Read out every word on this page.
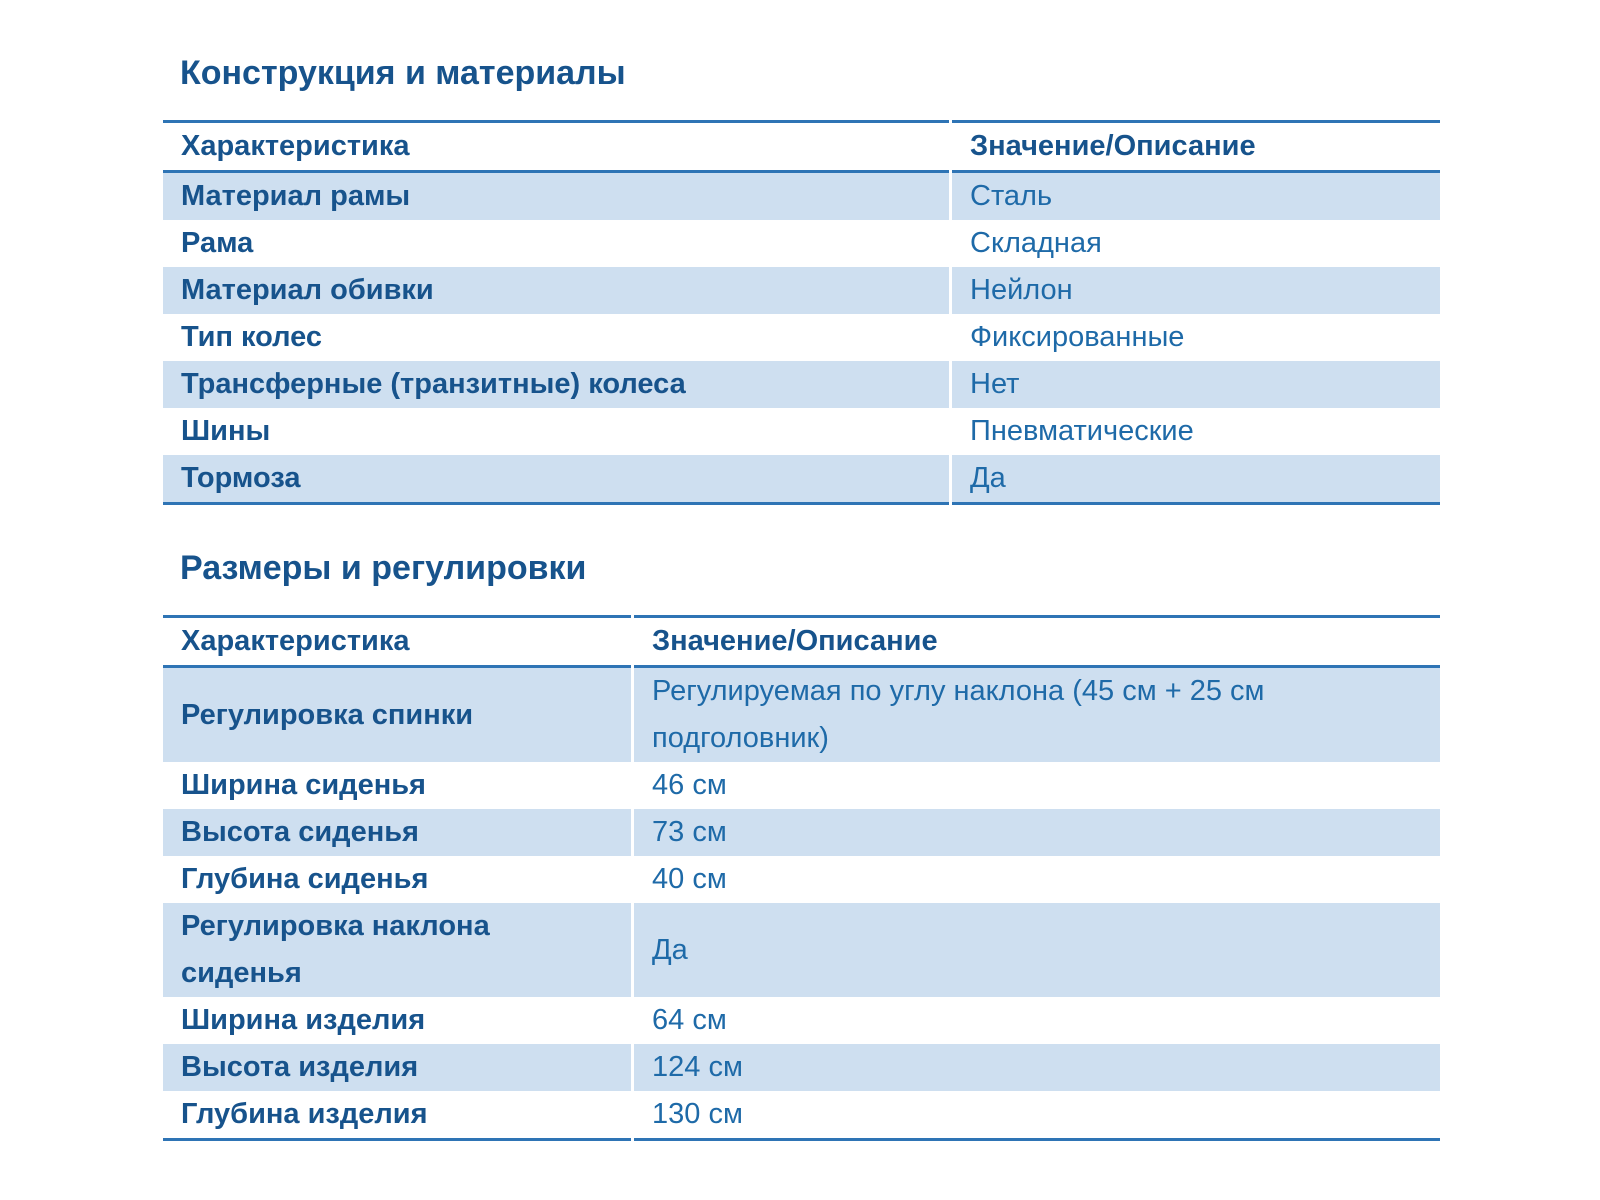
Конструкция и материалы
Характеристика	Значение/Описание
Материал рамы	Сталь
Рама	Складная
Материал обивки	Нейлон
Тип колес	Фиксированные
Трансферные (транзитные) колеса	Нет
Шины	Пневматические
Тормоза	Да
Размеры и регулировки
Характеристика	Значение/Описание
Регулировка спинки	Регулируемая по углу наклона (45 см + 25 см подголовник)
Ширина сиденья	46 см
Высота сиденья	73 см
Глубина сиденья	40 см
Регулировка наклона сиденья	Да
Ширина изделия	64 см
Высота изделия	124 см
Глубина изделия	130 см
